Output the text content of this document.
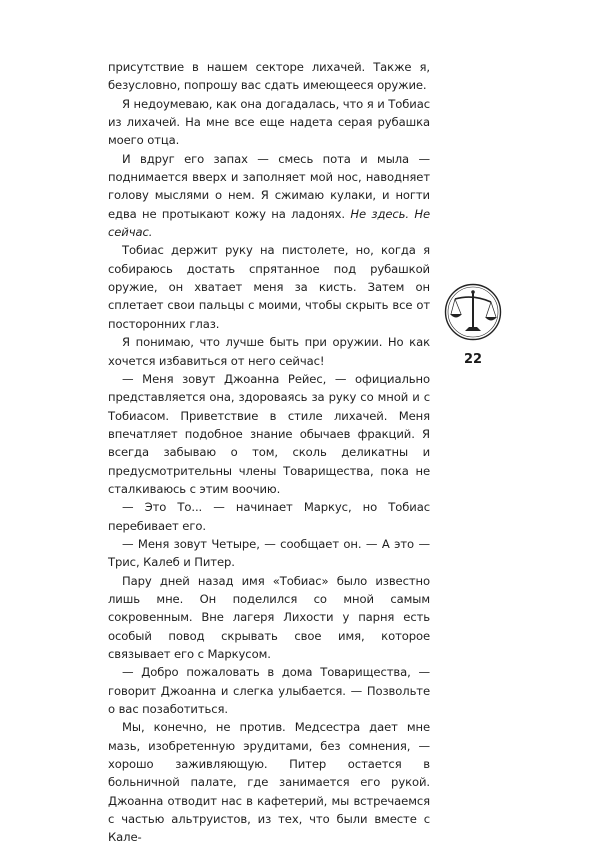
присутствие в нашем секторе лихачей. Также я, безусловно, попрошу вас сдать имеющееся оружие.

Я недоумеваю, как она догадалась, что я и Тобиас из лихачей. На мне все еще надета серая рубашка моего отца.

И вдруг его запах — смесь пота и мыла — поднимается вверх и заполняет мой нос, наводняет голову мыслями о нем. Я сжимаю кулаки, и ногти едва не протыкают кожу на ладонях. Не здесь. Не сейчас.

Тобиас держит руку на пистолете, но, когда я собираюсь достать спрятанное под рубашкой оружие, он хватает меня за кисть. Затем он сплетает свои пальцы с моими, чтобы скрыть все от посторонних глаз.

Я понимаю, что лучше быть при оружии. Но как хочется избавиться от него сейчас!

— Меня зовут Джоанна Рейес, — официально представляется она, здороваясь за руку со мной и с Тобиасом. Приветствие в стиле лихачей. Меня впечатляет подобное знание обычаев фракций. Я всегда забываю о том, сколь деликатны и предусмотрительны члены Товарищества, пока не сталкиваюсь с этим воочию.

— Это То... — начинает Маркус, но Тобиас перебивает его.

— Меня зовут Четыре, — сообщает он. — А это — Трис, Калеб и Питер.

Пару дней назад имя «Тобиас» было известно лишь мне. Он поделился со мной самым сокровенным. Вне лагеря Лихости у парня есть особый повод скрывать свое имя, которое связывает его с Маркусом.

— Добро пожаловать в дома Товарищества, — говорит Джоанна и слегка улыбается. — Позвольте о вас позаботиться.

Мы, конечно, не против. Медсестра дает мне мазь, изобретенную эрудитами, без сомнения, — хорошо заживляющую. Питер остается в больничной палате, где занимается его рукой. Джоанна отводит нас в кафетерий, мы встречаемся с частью альтруистов, из тех, что были вместе с Кале-

22
